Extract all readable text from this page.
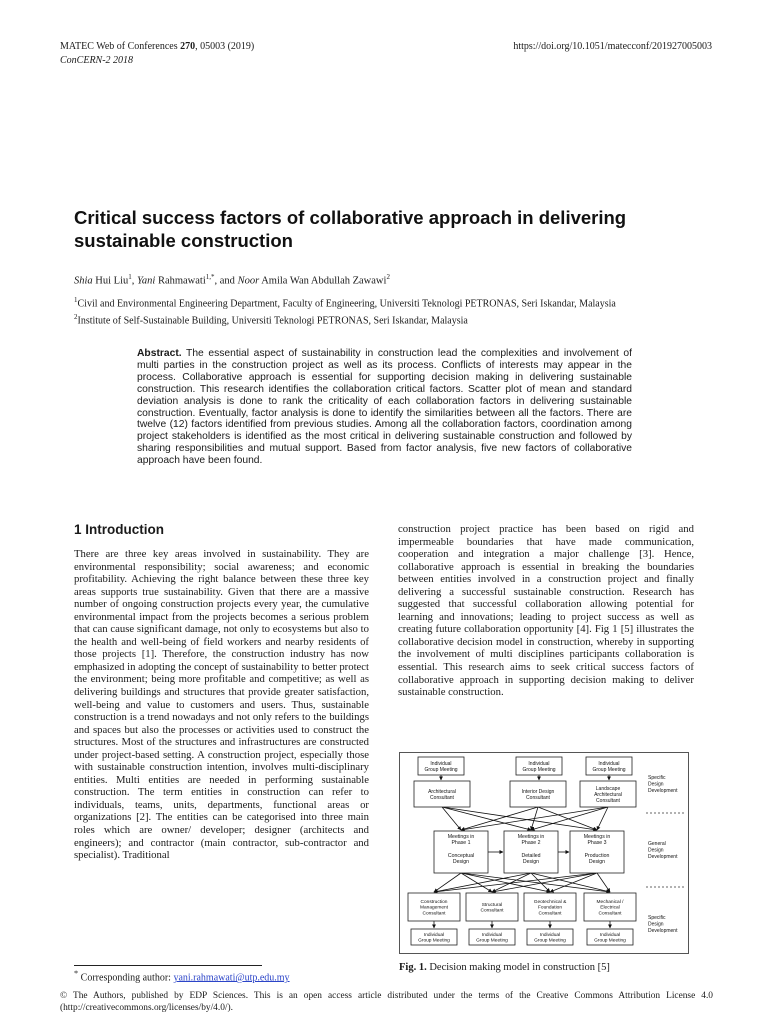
MATEC Web of Conferences 270, 05003 (2019)
ConCERN-2 2018
https://doi.org/10.1051/matecconf/201927005003
Critical success factors of collaborative approach in delivering sustainable construction
Shia Hui Liu$^1$, Yani Rahmawati$^{1,*}$, and Noor Amila Wan Abdullah Zawawi$^2$
$^1$Civil and Environmental Engineering Department, Faculty of Engineering, Universiti Teknologi PETRONAS, Seri Iskandar, Malaysia
$^2$Institute of Self-Sustainable Building, Universiti Teknologi PETRONAS, Seri Iskandar, Malaysia
Abstract. The essential aspect of sustainability in construction lead the complexities and involvement of multi parties in the construction project as well as its process. Conflicts of interests may appear in the process. Collaborative approach is essential for supporting decision making in delivering sustainable construction. This research identifies the collaboration critical factors. Scatter plot of mean and standard deviation analysis is done to rank the criticality of each collaboration factors in delivering sustainable construction. Eventually, factor analysis is done to identify the similarities between all the factors. There are twelve (12) factors identified from previous studies. Among all the collaboration factors, coordination among project stakeholders is identified as the most critical in delivering sustainable construction and followed by sharing responsibilities and mutual support. Based from factor analysis, five new factors of collaborative approach have been found.
1 Introduction
There are three key areas involved in sustainability. They are environmental responsibility; social awareness; and economic profitability. Achieving the right balance between these three key areas supports true sustainability. Given that there are a massive number of ongoing construction projects every year, the cumulative environmental impact from the projects becomes a serious problem that can cause significant damage, not only to ecosystems but also to the health and well-being of field workers and nearby residents of those projects [1]. Therefore, the construction industry has now emphasized in adopting the concept of sustainability to better protect the environment; being more profitable and competitive; as well as delivering buildings and structures that provide greater satisfaction, well-being and value to customers and users. Thus, sustainable construction is a trend nowadays and not only refers to the buildings and spaces but also the processes or activities used to construct the structures. Most of the structures and infrastructures are constructed under project-based setting. A construction project, especially those with sustainable construction intention, involves multi-disciplinary entities. Multi entities are needed in performing sustainable construction. The term entities in construction can refer to individuals, teams, units, departments, functional areas or organizations [2]. The entities can be categorised into three main roles which are owner/ developer; designer (architects and engineers); and contractor (main contractor, sub-contractor and specialist). Traditional
construction project practice has been based on rigid and impermeable boundaries that have made communication, cooperation and integration a major challenge [3]. Hence, collaborative approach is essential in breaking the boundaries between entities involved in a construction project and finally delivering a successful sustainable construction. Research has suggested that successful collaboration allowing potential for learning and innovations; leading to project success as well as creating future collaboration opportunity [4]. Fig 1 [5] illustrates the collaborative decision model in construction, whereby in supporting the involvement of multi disciplines participants collaboration is essential. This research aims to seek critical success factors of collaborative approach in supporting decision making to deliver sustainable construction.
Individual Group Meeting
Individual Group Meeting
Individual Group Meeting
Architectural Consultant
Interior Design Consultant
Landscape Architectural Consultant
Meetings in Phase 1
Conceptual Design
Meetings in Phase 2
Detailed Design
Meetings in Phase 3
Production Design
Construction Management Consultant
Structural Consultant
Geotechnical & Foundation Consultant
Mechanical / Electrical Consultant
Individual Group Meeting
Individual Group Meeting
Individual Group Meeting
Individual Group Meeting
Specific Design Development
General Design Development
Specific Design Development
Fig. 1. Decision making model in construction [5]
* Corresponding author: yani.rahmawati@utp.edu.my
© The Authors, published by EDP Sciences. This is an open access article distributed under the terms of the Creative Commons Attribution License 4.0 (http://creativecommons.org/licenses/by/4.0/).
